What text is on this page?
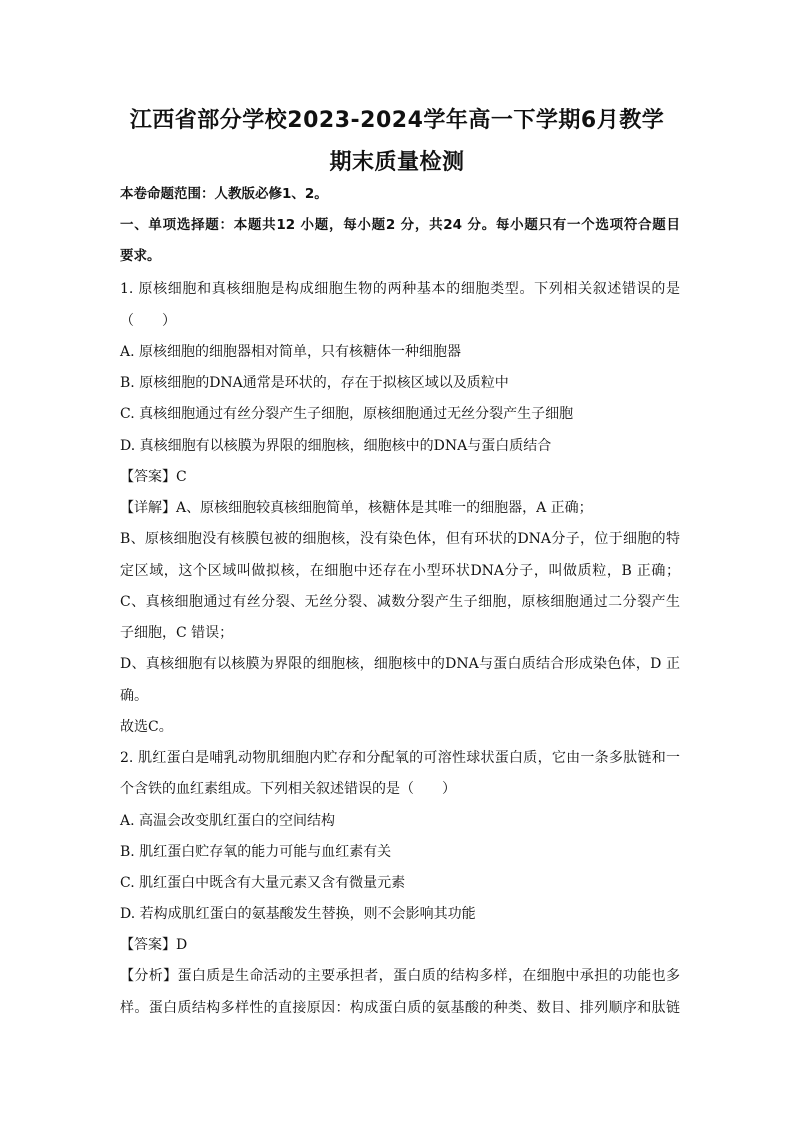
江西省部分学校2023-2024学年高一下学期6月教学
期末质量检测
本卷命题范围：人教版必修1、2。
一、单项选择题：本题共12 小题，每小题2 分，共24 分。每小题只有一个选项符合题目
要求。
1. 原核细胞和真核细胞是构成细胞生物的两种基本的细胞类型。下列相关叙述错误的是
（　　）
A. 原核细胞的细胞器相对简单，只有核糖体一种细胞器
B. 原核细胞的DNA通常是环状的，存在于拟核区域以及质粒中
C. 真核细胞通过有丝分裂产生子细胞，原核细胞通过无丝分裂产生子细胞
D. 真核细胞有以核膜为界限的细胞核，细胞核中的DNA与蛋白质结合
【答案】C
【详解】A、原核细胞较真核细胞简单，核糖体是其唯一的细胞器，A 正确；
B、原核细胞没有核膜包被的细胞核，没有染色体，但有环状的DNA分子，位于细胞的特
定区域，这个区域叫做拟核，在细胞中还存在小型环状DNA分子，叫做质粒，B 正确；
C、真核细胞通过有丝分裂、无丝分裂、减数分裂产生子细胞，原核细胞通过二分裂产生
子细胞，C 错误；
D、真核细胞有以核膜为界限的细胞核，细胞核中的DNA与蛋白质结合形成染色体，D 正
确。
故选C。
2. 肌红蛋白是哺乳动物肌细胞内贮存和分配氧的可溶性球状蛋白质，它由一条多肽链和一
个含铁的血红素组成。下列相关叙述错误的是（　　）
A. 高温会改变肌红蛋白的空间结构
B. 肌红蛋白贮存氧的能力可能与血红素有关
C. 肌红蛋白中既含有大量元素又含有微量元素
D. 若构成肌红蛋白的氨基酸发生替换，则不会影响其功能
【答案】D
【分析】蛋白质是生命活动的主要承担者，蛋白质的结构多样，在细胞中承担的功能也多
样。蛋白质结构多样性的直接原因：构成蛋白质的氨基酸的种类、数目、排列顺序和肽链
